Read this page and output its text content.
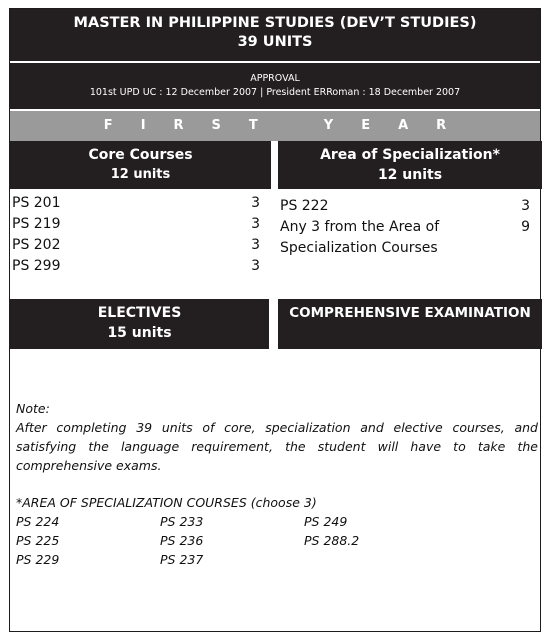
MASTER IN PHILIPPINE STUDIES (DEV’T STUDIES)
39 UNITS
APPROVAL
101st UPD UC : 12 December 2007 | President ERRoman : 18 December 2007
F I R S T	Y E A R
Core Courses
12 units
Area of Specialization*
12 units
PS 201	3
PS 219	3
PS 202	3
PS 299	3
PS 222	3
Any 3 from the Area of Specialization Courses
9
ELECTIVES
15 units
COMPREHENSIVE EXAMINATION
Note:
After completing 39 units of core, specialization and elective courses, and satisfying the language requirement, the student will have to take the comprehensive exams.
*AREA OF SPECIALIZATION COURSES (choose 3)
PS 224	PS 233	PS 249
PS 225	PS 236	PS 288.2
PS 229	PS 237
